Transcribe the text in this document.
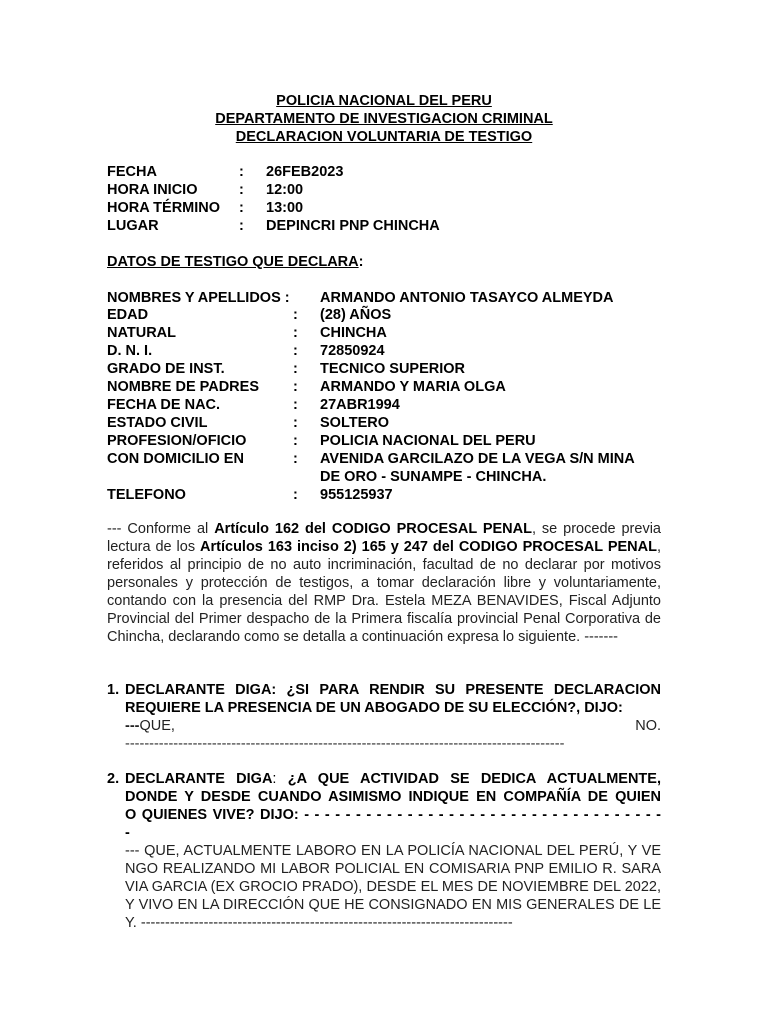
POLICIA NACIONAL DEL PERU
DEPARTAMENTO DE INVESTIGACION CRIMINAL
DECLARACION VOLUNTARIA DE TESTIGO
FECHA	: 26FEB2023
HORA INICIO	: 12:00
HORA TÉRMINO : 13:00
LUGAR	: DEPINCRI PNP CHINCHA
DATOS DE TESTIGO QUE DECLARA:
NOMBRES Y APELLIDOS : ARMANDO ANTONIO TASAYCO ALMEYDA
EDAD	: (28) AÑOS
NATURAL	: CHINCHA
D. N. I.	: 72850924
GRADO DE INST.	: TECNICO SUPERIOR
NOMBRE DE PADRES : ARMANDO Y MARIA OLGA
FECHA DE NAC.	: 27ABR1994
ESTADO CIVIL	: SOLTERO
PROFESION/OFICIO	: POLICIA NACIONAL DEL PERU
CON DOMICILIO EN	: AVENIDA GARCILAZO DE LA VEGA S/N MINA
DE ORO - SUNAMPE - CHINCHA.
TELEFONO	: 955125937
--- Conforme al Artículo 162 del CODIGO PROCESAL PENAL, se procede previa lectura de los Artículos 163 inciso 2) 165 y 247 del CODIGO PROCESAL PENAL, referidos al principio de no auto incriminación, facultad de no declarar por motivos personales y protección de testigos, a tomar declaración libre y voluntariamente, contando con la presencia del RMP Dra. Estela MEZA BENAVIDES, Fiscal Adjunto Provincial del Primer despacho de la Primera fiscalía provincial Penal Corporativa de Chincha, declarando como se detalla a continuación expresa lo siguiente. -------
1. DECLARANTE DIGA: ¿SI PARA RENDIR SU PRESENTE DECLARACION
REQUIERE LA PRESENCIA DE UN ABOGADO DE SU ELECCIÓN?, DIJO:
---QUE,	NO.
-------------------------------------------------------------------------------------------
2. DECLARANTE DIGA: ¿A QUE ACTIVIDAD SE DEDICA ACTUALMENTE,
DONDE Y DESDE CUANDO ASIMISMO INDIQUE EN COMPAÑÍA DE QUIEN
O QUIENES VIVE? DIJO: - - - - - - - - - - - - - - - - - - - - - - - - - - - - - - - - - - -
-
--- QUE, ACTUALMENTE LABORO EN LA POLICÍA NACIONAL DEL PERÚ, Y VENGO REALIZANDO MI LABOR POLICIAL EN COMISARIA PNP EMILIO R. SARAVIA GARCIA (EX GROCIO PRADO), DESDE EL MES DE NOVIEMBRE DEL 2022, Y VIVO EN LA DIRECCIÓN QUE HE CONSIGNADO EN MIS GENERALES DE LEY. -----------------------------------------------------------------------------
